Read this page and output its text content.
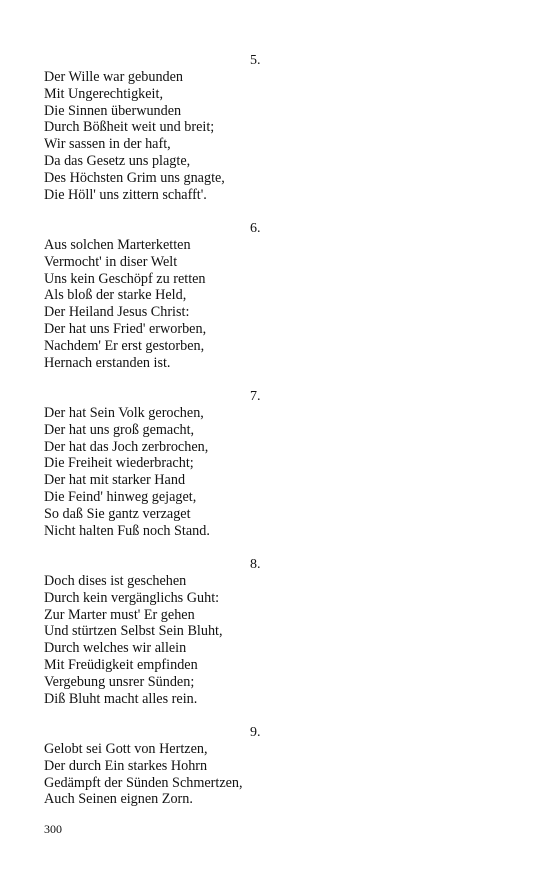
5.
Der Wille war gebunden
Mit Ungerechtigkeit,
Die Sinnen überwunden
Durch Bößheit weit und breit;
Wir sassen in der haft,
Da das Gesetz uns plagte,
Des Höchsten Grim uns gnagte,
Die Höll' uns zittern schafft'.
6.
Aus solchen Marterketten
Vermocht' in diser Welt
Uns kein Geschöpf zu retten
Als bloß der starke Held,
Der Heiland Jesus Christ:
Der hat uns Fried' erworben,
Nachdem' Er erst gestorben,
Hernach erstanden ist.
7.
Der hat Sein Volk gerochen,
Der hat uns groß gemacht,
Der hat das Joch zerbrochen,
Die Freiheit wiederbracht;
Der hat mit starker Hand
Die Feind' hinweg gejaget,
So daß Sie gantz verzaget
Nicht halten Fuß noch Stand.
8.
Doch dises ist geschehen
Durch kein vergänglichs Guht:
Zur Marter must' Er gehen
Und stürtzen Selbst Sein Bluht,
Durch welches wir allein
Mit Freüdigkeit empfinden
Vergebung unsrer Sünden;
Diß Bluht macht alles rein.
9.
Gelobt sei Gott von Hertzen,
Der durch Ein starkes Hohrn
Gedämpft der Sünden Schmertzen,
Auch Seinen eignen Zorn.
300
